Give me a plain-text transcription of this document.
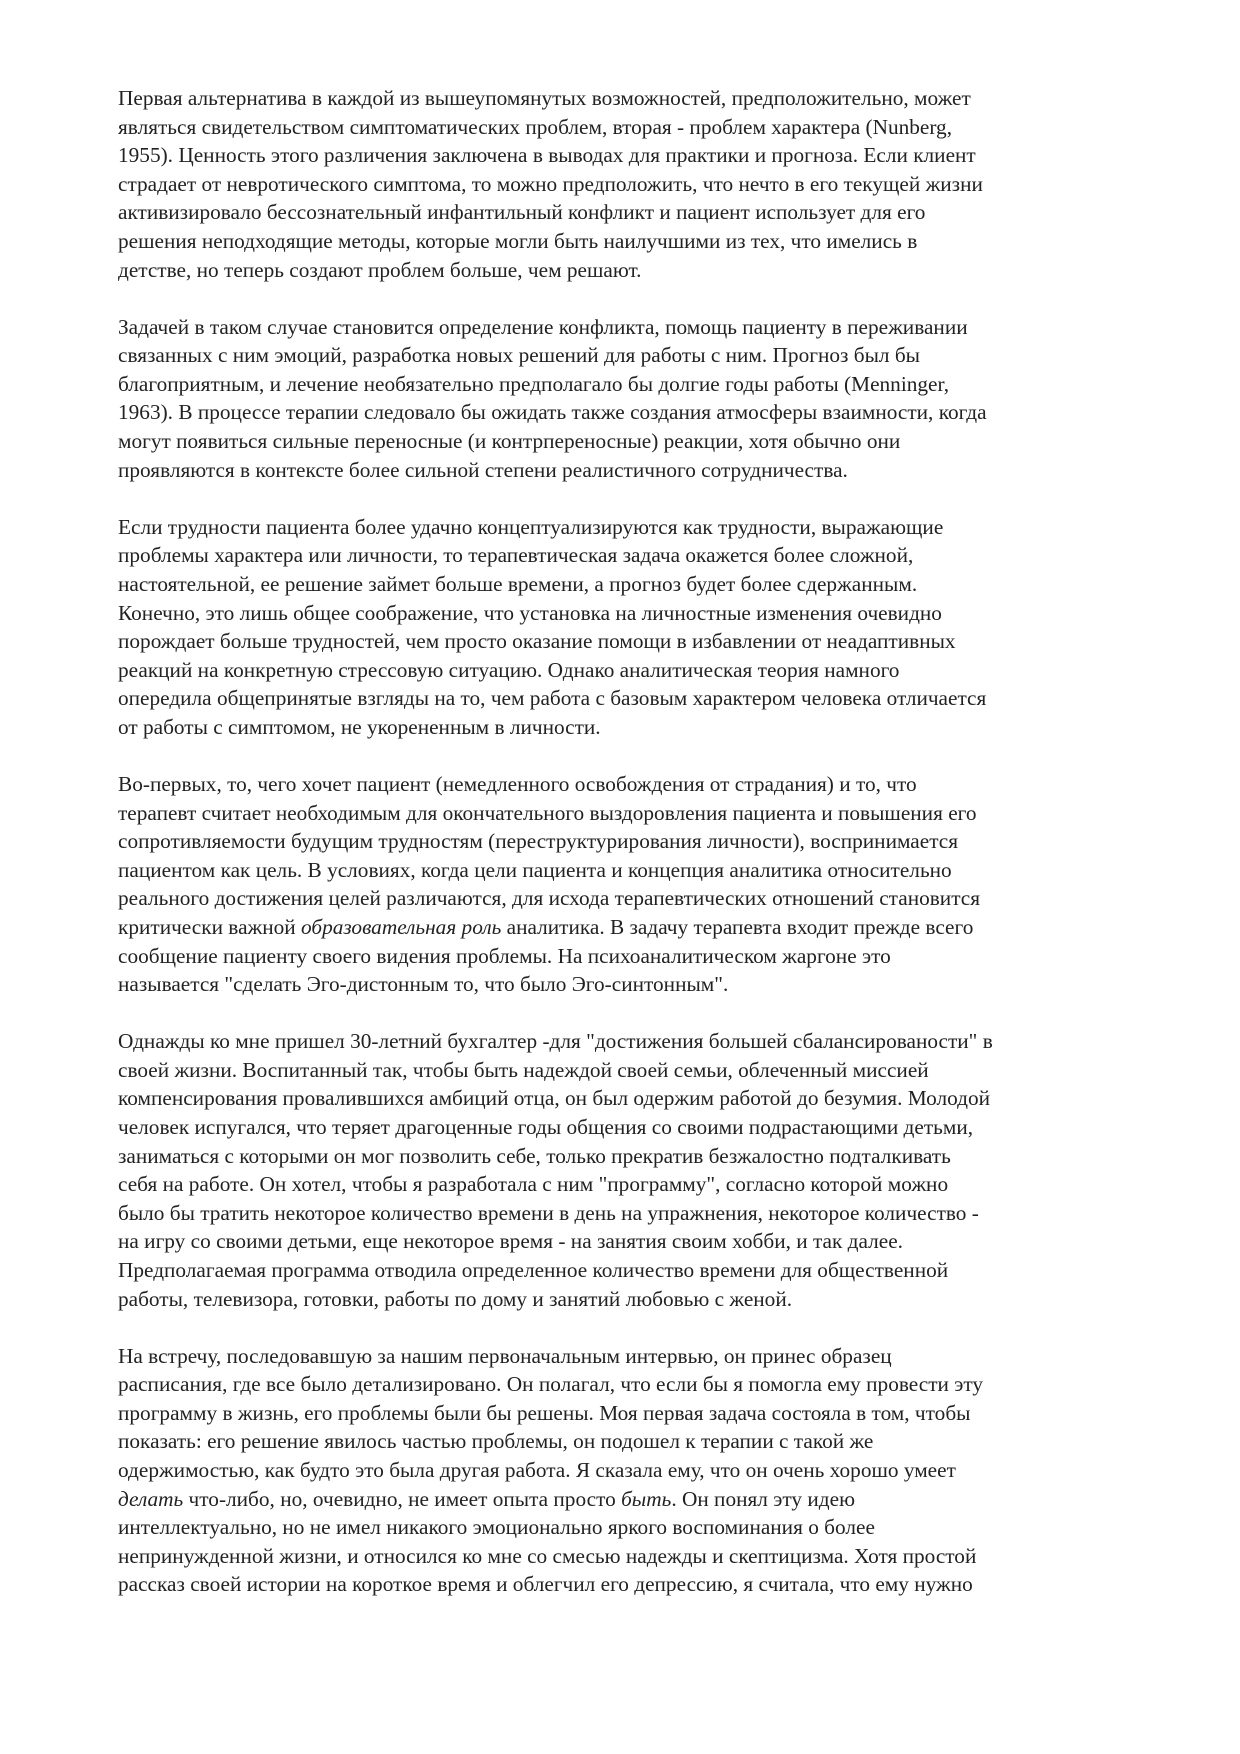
Первая альтернатива в каждой из вышеупомянутых возможностей, предположительно, может
являться свидетельством симптоматических проблем, вторая - проблем характера (Nunberg,
1955). Ценность этого различения заключена в выводах для практики и прогноза. Если клиент
страдает от невротического симптома, то можно предположить, что нечто в его текущей жизни
активизировало бессознательный инфантильный конфликт и пациент использует для его
решения неподходящие методы, которые могли быть наилучшими из тех, что имелись в
детстве, но теперь создают проблем больше, чем решают.
Задачей в таком случае становится определение конфликта, помощь пациенту в переживании
связанных с ним эмоций, разработка новых решений для работы с ним. Прогноз был бы
благоприятным, и лечение необязательно предполагало бы долгие годы работы (Menninger,
1963). В процессе терапии следовало бы ожидать также создания атмосферы взаимности, когда
могут появиться сильные переносные (и контрпереносные) реакции, хотя обычно они
проявляются в контексте более сильной степени реалистичного сотрудничества.
Если трудности пациента более удачно концептуализируются как трудности, выражающие
проблемы характера или личности, то терапевтическая задача окажется более сложной,
настоятельной, ее решение займет больше времени, а прогноз будет более сдержанным.
Конечно, это лишь общее соображение, что установка на личностные изменения очевидно
порождает больше трудностей, чем просто оказание помощи в избавлении от неадаптивных
реакций на конкретную стрессовую ситуацию. Однако аналитическая теория намного
опередила общепринятые взгляды на то, чем работа с базовым характером человека отличается
от работы с симптомом, не укорененным в личности.
Во-первых, то, чего хочет пациент (немедленного освобождения от страдания) и то, что
терапевт считает необходимым для окончательного выздоровления пациента и повышения его
сопротивляемости будущим трудностям (переструктурирования личности), воспринимается
пациентом как цель. В условиях, когда цели пациента и концепция аналитика относительно
реального достижения целей различаются, для исхода терапевтических отношений становится
критически важной образовательная роль аналитика. В задачу терапевта входит прежде всего
сообщение пациенту своего видения проблемы. На психоаналитическом жаргоне это
называется "сделать Эго-дистонным то, что было Эго-синтонным".
Однажды ко мне пришел 30-летний бухгалтер -для "достижения большей сбалансированости" в
своей жизни. Воспитанный так, чтобы быть надеждой своей семьи, облеченный миссией
компенсирования провалившихся амбиций отца, он был одержим работой до безумия. Молодой
человек испугался, что теряет драгоценные годы общения со своими подрастающими детьми,
заниматься с которыми он мог позволить себе, только прекратив безжалостно подталкивать
себя на работе. Он хотел, чтобы я разработала с ним "программу", согласно которой можно
было бы тратить некоторое количество времени в день на упражнения, некоторое количество -
на игру со своими детьми, еще некоторое время - на занятия своим хобби, и так далее.
Предполагаемая программа отводила определенное количество времени для общественной
работы, телевизора, готовки, работы по дому и занятий любовью с женой.
На встречу, последовавшую за нашим первоначальным интервью, он принес образец
расписания, где все было детализировано. Он полагал, что если бы я помогла ему провести эту
программу в жизнь, его проблемы были бы решены. Моя первая задача состояла в том, чтобы
показать: его решение явилось частью проблемы, он подошел к терапии с такой же
одержимостью, как будто это была другая работа. Я сказала ему, что он очень хорошо умеет
делать что-либо, но, очевидно, не имеет опыта просто быть. Он понял эту идею
интеллектуально, но не имел никакого эмоционально яркого воспоминания о более
непринужденной жизни, и относился ко мне со смесью надежды и скептицизма. Хотя простой
рассказ своей истории на короткое время и облегчил его депрессию, я считала, что ему нужно
